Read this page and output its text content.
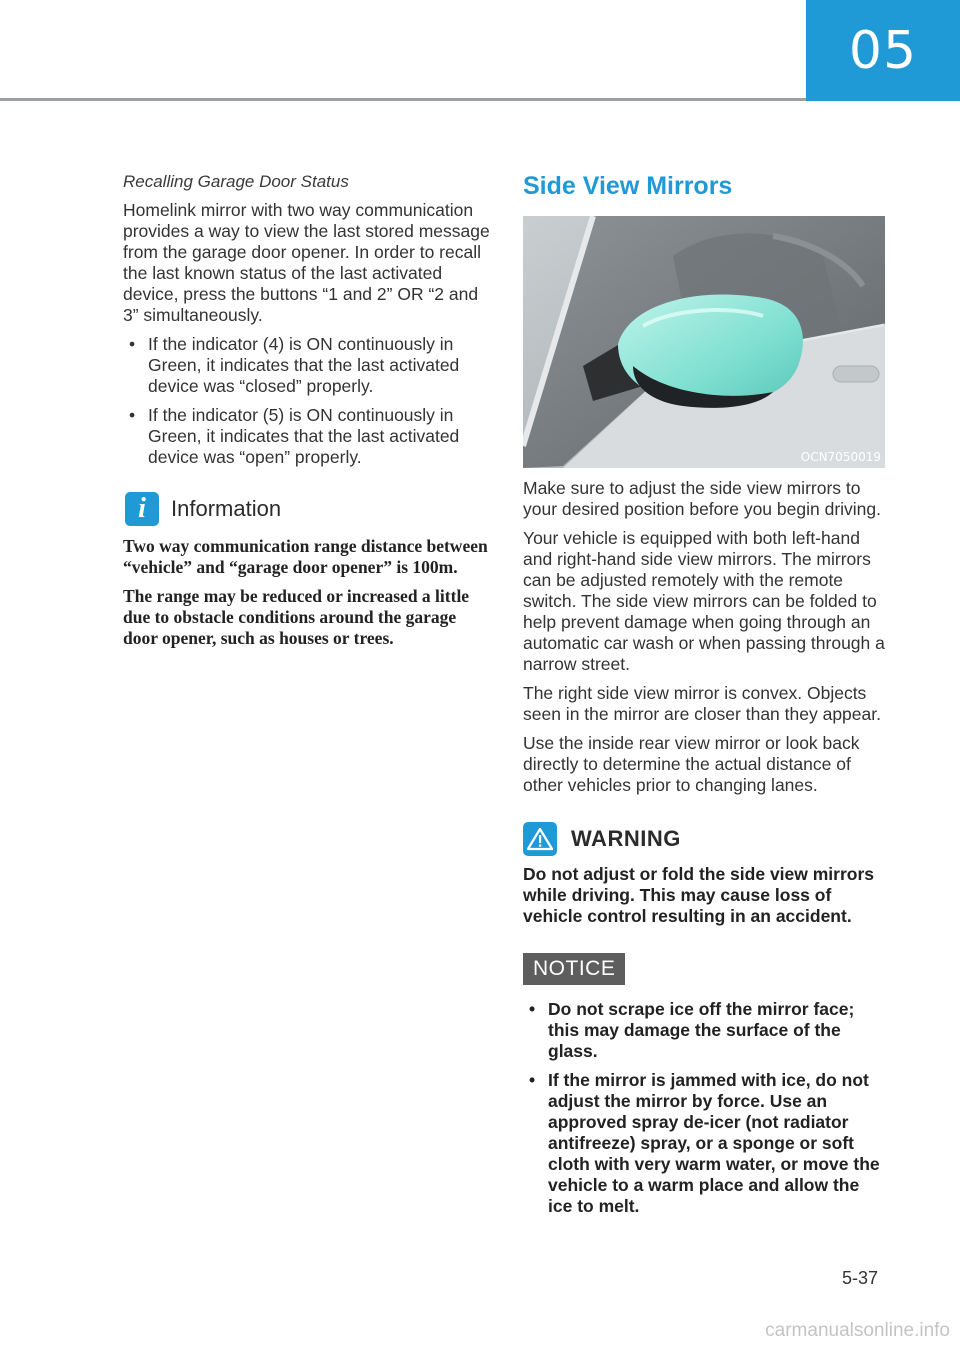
05
Recalling Garage Door Status

Homelink mirror with two way communication provides a way to view the last stored message from the garage door opener. In order to recall the last known status of the last activated device, press the buttons “1 and 2” OR “2 and 3” simultaneously.

• If the indicator (4) is ON continuously in Green, it indicates that the last activated device was “closed” properly.
• If the indicator (5) is ON continuously in Green, it indicates that the last activated device was “open” properly.
i	Information
Two way communication range distance between “vehicle” and “garage door opener” is 100m.
The range may be reduced or increased a little due to obstacle conditions around the garage door opener, such as houses or trees.
Side View Mirrors
OCN7050019

Make sure to adjust the side view mirrors to your desired position before you begin driving.

Your vehicle is equipped with both left-hand and right-hand side view mirrors. The mirrors can be adjusted remotely with the remote switch. The side view mirrors can be folded to help prevent damage when going through an automatic car wash or when passing through a narrow street.

The right side view mirror is convex. Objects seen in the mirror are closer than they appear.

Use the inside rear view mirror or look back directly to determine the actual distance of other vehicles prior to changing lanes.

WARNING

Do not adjust or fold the side view mirrors while driving. This may cause loss of vehicle control resulting in an accident.

NOTICE
• Do not scrape ice off the mirror face; this may damage the surface of the glass.
• If the mirror is jammed with ice, do not adjust the mirror by force. Use an approved spray de-icer (not radiator antifreeze) spray, or a sponge or soft cloth with very warm water, or move the vehicle to a warm place and allow the ice to melt.
5-37
carmanualsonline.info
